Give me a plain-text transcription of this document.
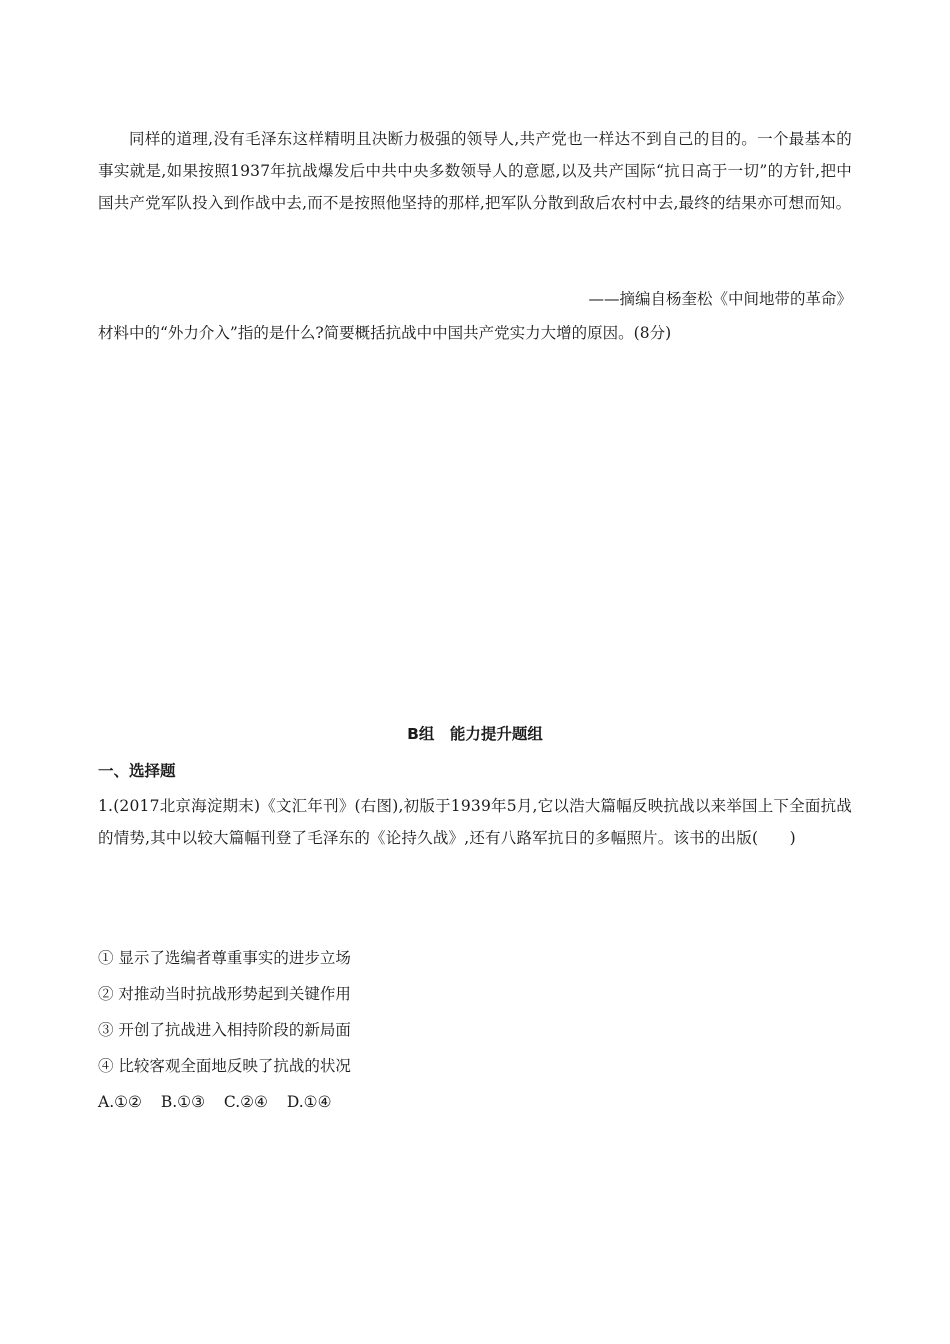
同样的道理,没有毛泽东这样精明且决断力极强的领导人,共产党也一样达不到自己的目的。一个最基本的事实就是,如果按照1937年抗战爆发后中共中央多数领导人的意愿,以及共产国际“抗日高于一切”的方针,把中国共产党军队投入到作战中去,而不是按照他坚持的那样,把军队分散到敌后农村中去,最终的结果亦可想而知。
——摘编自杨奎松《中间地带的革命》
材料中的“外力介入”指的是什么?简要概括抗战中中国共产党实力大增的原因。(8分)
B组　能力提升题组
一、选择题
1.(2017北京海淀期末)《文汇年刊》(右图),初版于1939年5月,它以浩大篇幅反映抗战以来举国上下全面抗战的情势,其中以较大篇幅刊登了毛泽东的《论持久战》,还有八路军抗日的多幅照片。该书的出版(　　)
① 显示了选编者尊重事实的进步立场
② 对推动当时抗战形势起到关键作用
③ 开创了抗战进入相持阶段的新局面
④ 比较客观全面地反映了抗战的状况
A.①② B.①③ C.②④ D.①④
